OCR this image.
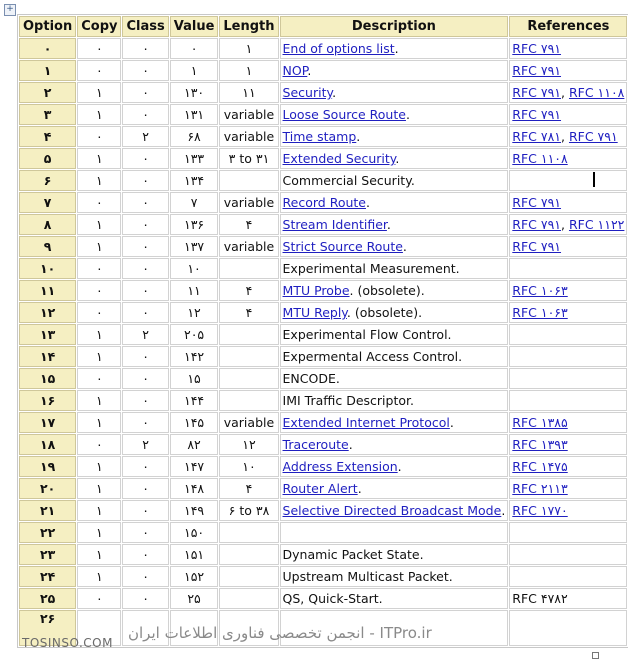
+
Option	Copy	Class	Value	Length	Description	References
۰	۰	۰	۰	۱	End of options list.	RFC ۷۹۱
۱	۰	۰	۱	۱	NOP.	RFC ۷۹۱
۲	۱	۰	۱۳۰	۱۱	Security.	RFC ۷۹۱, RFC ۱۱۰۸
۳	۱	۰	۱۳۱	variable	Loose Source Route.	RFC ۷۹۱
۴	۰	۲	۶۸	variable	Time stamp.	RFC ۷۸۱, RFC ۷۹۱
۵	۱	۰	۱۳۳	۳ to ۳۱	Extended Security.	RFC ۱۱۰۸
۶	۱	۰	۱۳۴		Commercial Security.	
۷	۰	۰	۷	variable	Record Route.	RFC ۷۹۱
۸	۱	۰	۱۳۶	۴	Stream Identifier.	RFC ۷۹۱, RFC ۱۱۲۲
۹	۱	۰	۱۳۷	variable	Strict Source Route.	RFC ۷۹۱
۱۰	۰	۰	۱۰		Experimental Measurement.	
۱۱	۰	۰	۱۱	۴	MTU Probe. (obsolete).	RFC ۱۰۶۳
۱۲	۰	۰	۱۲	۴	MTU Reply. (obsolete).	RFC ۱۰۶۳
۱۳	۱	۲	۲۰۵		Experimental Flow Control.	
۱۴	۱	۰	۱۴۲		Expermental Access Control.	
۱۵	۰	۰	۱۵		ENCODE.	
۱۶	۱	۰	۱۴۴		IMI Traffic Descriptor.	
۱۷	۱	۰	۱۴۵	variable	Extended Internet Protocol.	RFC ۱۳۸۵
۱۸	۰	۲	۸۲	۱۲	Traceroute.	RFC ۱۳۹۳
۱۹	۱	۰	۱۴۷	۱۰	Address Extension.	RFC ۱۴۷۵
۲۰	۱	۰	۱۴۸	۴	Router Alert.	RFC ۲۱۱۳
۲۱	۱	۰	۱۴۹	۶ to ۳۸	Selective Directed Broadcast Mode.	RFC ۱۷۷۰
۲۲	۱	۰	۱۵۰			
۲۳	۱	۰	۱۵۱		Dynamic Packet State.	
۲۴	۱	۰	۱۵۲		Upstream Multicast Packet.	
۲۵	۰	۰	۲۵		QS, Quick-Start.	RFC ۴۷۸۲
۲۶						
TOSINSO.COM
ITPro.ir - انجمن تخصصی فناوری اطلاعات ایران
